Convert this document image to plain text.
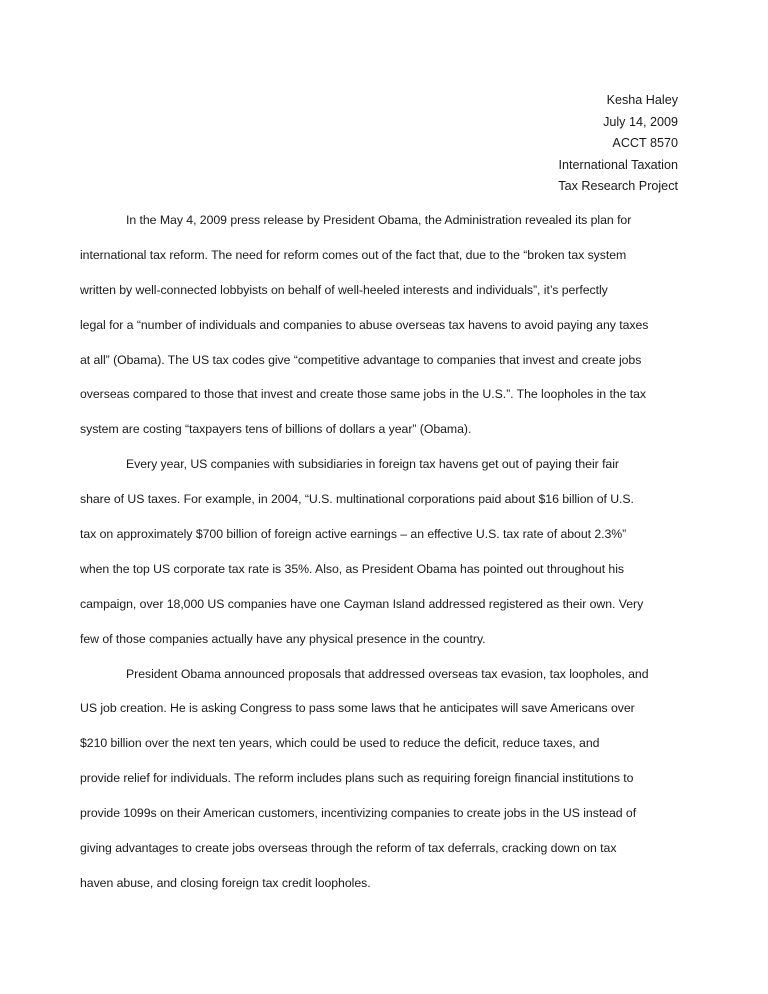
Kesha Haley
July 14, 2009
ACCT 8570
International Taxation
Tax Research Project
In the May 4, 2009 press release by President Obama, the Administration revealed its plan for
international tax reform. The need for reform comes out of the fact that, due to the “broken tax system
written by well-connected lobbyists on behalf of well-heeled interests and individuals”, it’s perfectly
legal for a “number of individuals and companies to abuse overseas tax havens to avoid paying any taxes
at all” (Obama). The US tax codes give “competitive advantage to companies that invest and create jobs
overseas compared to those that invest and create those same jobs in the U.S.”. The loopholes in the tax
system are costing “taxpayers tens of billions of dollars a year” (Obama).
Every year, US companies with subsidiaries in foreign tax havens get out of paying their fair
share of US taxes. For example, in 2004, “U.S. multinational corporations paid about $16 billion of U.S.
tax on approximately $700 billion of foreign active earnings – an effective U.S. tax rate of about 2.3%”
when the top US corporate tax rate is 35%. Also, as President Obama has pointed out throughout his
campaign, over 18,000 US companies have one Cayman Island addressed registered as their own. Very
few of those companies actually have any physical presence in the country.
President Obama announced proposals that addressed overseas tax evasion, tax loopholes, and
US job creation. He is asking Congress to pass some laws that he anticipates will save Americans over
$210 billion over the next ten years, which could be used to reduce the deficit, reduce taxes, and
provide relief for individuals. The reform includes plans such as requiring foreign financial institutions to
provide 1099s on their American customers, incentivizing companies to create jobs in the US instead of
giving advantages to create jobs overseas through the reform of tax deferrals, cracking down on tax
haven abuse, and closing foreign tax credit loopholes.
